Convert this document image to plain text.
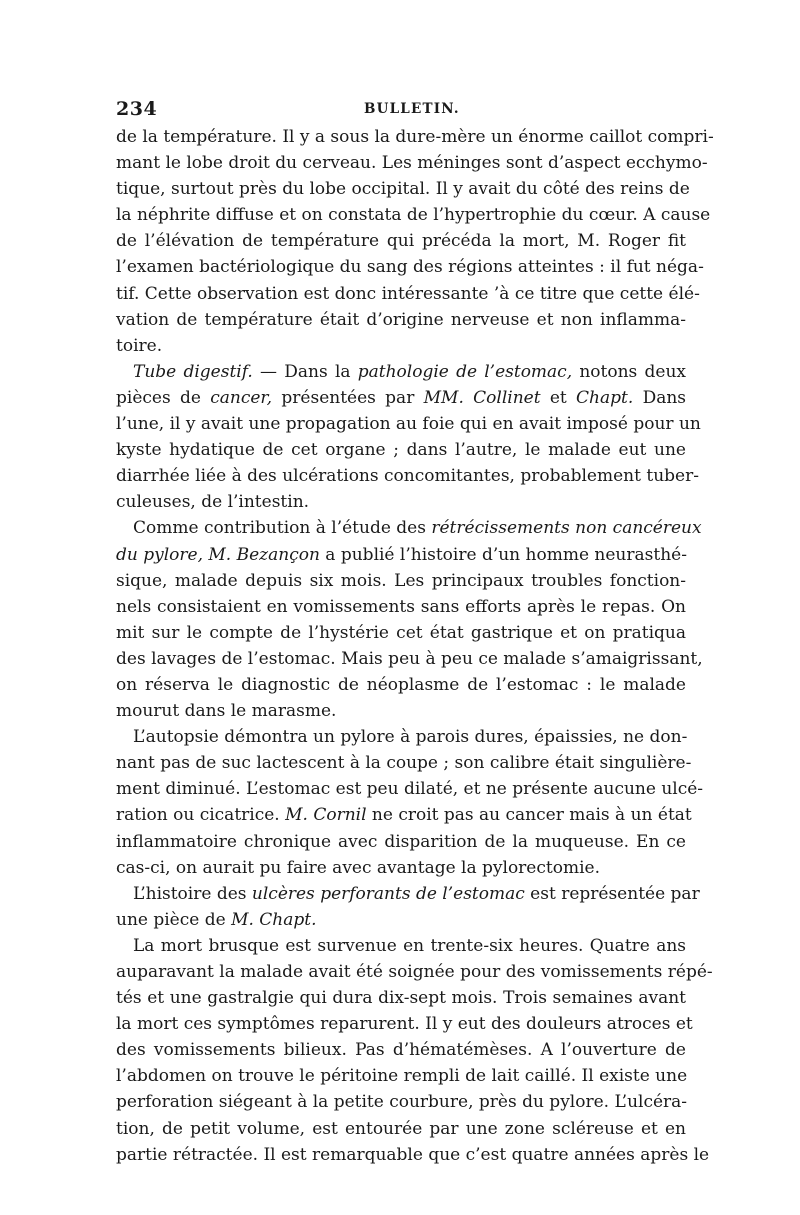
234	BULLETIN.
de la température. Il y a sous la dure-mère un énorme caillot compri-
mant le lobe droit du cerveau. Les méninges sont d’aspect ecchymo-
tique, surtout près du lobe occipital. Il y avait du côté des reins de
la néphrite diffuse et on constata de l’hypertrophie du cœur. A cause
de l’élévation de température qui précéda la mort, M. Roger fit
l’examen bactériologique du sang des régions atteintes : il fut néga-
tif. Cette observation est donc intéressante ’à ce titre que cette élé-
vation de température était d’origine nerveuse et non inflamma-
toire.
Tube digestif. — Dans la pathologie de l’estomac, notons deux
pièces de cancer, présentées par MM. Collinet et Chapt. Dans
l’une, il y avait une propagation au foie qui en avait imposé pour un
kyste hydatique de cet organe ; dans l’autre, le malade eut une
diarrhée liée à des ulcérations concomitantes, probablement tuber-
culeuses, de l’intestin.
Comme contribution à l’étude des rétrécissements non cancéreux
du pylore, M. Bezançon a publié l’histoire d’un homme neurasthé-
sique, malade depuis six mois. Les principaux troubles fonction-
nels consistaient en vomissements sans efforts après le repas. On
mit sur le compte de l’hystérie cet état gastrique et on pratiqua
des lavages de l’estomac. Mais peu à peu ce malade s’amaigrissant,
on réserva le diagnostic de néoplasme de l’estomac : le malade
mourut dans le marasme.
L’autopsie démontra un pylore à parois dures, épaissies, ne don-
nant pas de suc lactescent à la coupe ; son calibre était singulière-
ment diminué. L’estomac est peu dilaté, et ne présente aucune ulcé-
ration ou cicatrice. M. Cornil ne croit pas au cancer mais à un état
inflammatoire chronique avec disparition de la muqueuse. En ce
cas-ci, on aurait pu faire avec avantage la pylorectomie.
L’histoire des ulcères perforants de l’estomac est représentée par
une pièce de M. Chapt.
La mort brusque est survenue en trente-six heures. Quatre ans
auparavant la malade avait été soignée pour des vomissements répé-
tés et une gastralgie qui dura dix-sept mois. Trois semaines avant
la mort ces symptômes reparurent. Il y eut des douleurs atroces et
des vomissements bilieux. Pas d’hématémèses. A l’ouverture de
l’abdomen on trouve le péritoine rempli de lait caillé. Il existe une
perforation siégeant à la petite courbure, près du pylore. L’ulcéra-
tion, de petit volume, est entourée par une zone scléreuse et en
partie rétractée. Il est remarquable que c’est quatre années après le
